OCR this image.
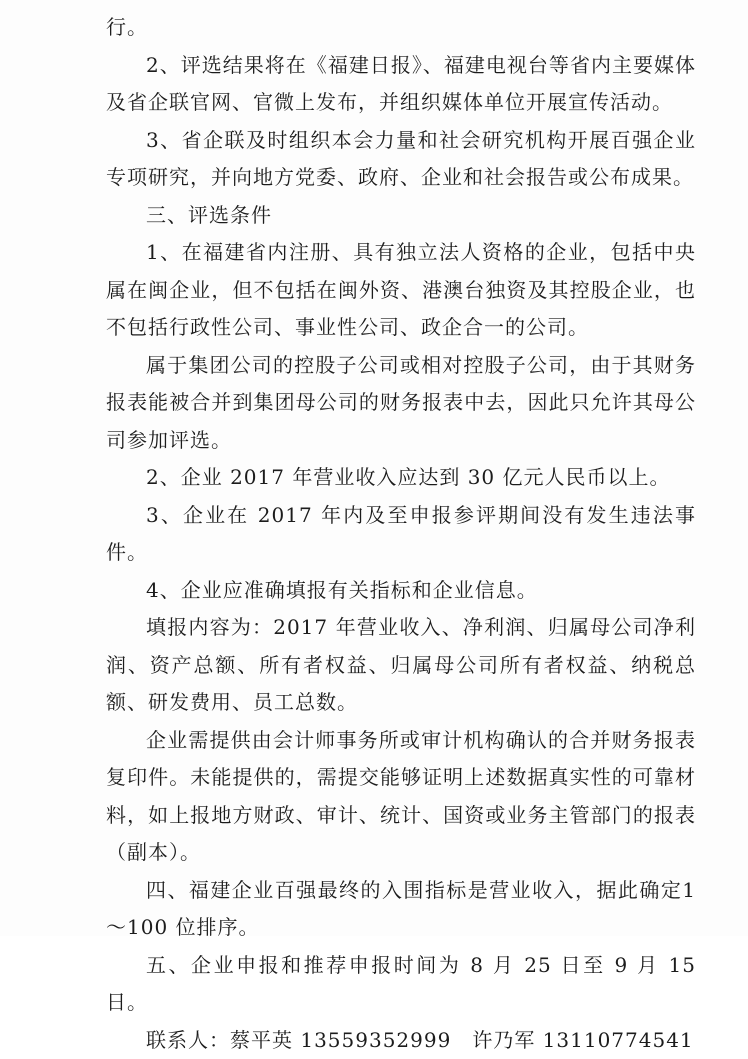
行。

2、评选结果将在《福建日报》、福建电视台等省内主要媒体及省企联官网、官微上发布，并组织媒体单位开展宣传活动。

3、省企联及时组织本会力量和社会研究机构开展百强企业专项研究，并向地方党委、政府、企业和社会报告或公布成果。

三、评选条件

1、在福建省内注册、具有独立法人资格的企业，包括中央属在闽企业，但不包括在闽外资、港澳台独资及其控股企业，也不包括行政性公司、事业性公司、政企合一的公司。

属于集团公司的控股子公司或相对控股子公司，由于其财务报表能被合并到集团母公司的财务报表中去，因此只允许其母公司参加评选。

2、企业 2017 年营业收入应达到 30 亿元人民币以上。

3、企业在 2017 年内及至申报参评期间没有发生违法事件。

4、企业应准确填报有关指标和企业信息。

填报内容为：2017 年营业收入、净利润、归属母公司净利润、资产总额、所有者权益、归属母公司所有者权益、纳税总额、研发费用、员工总数。

企业需提供由会计师事务所或审计机构确认的合并财务报表复印件。未能提供的，需提交能够证明上述数据真实性的可靠材料，如上报地方财政、审计、统计、国资或业务主管部门的报表（副本）。

四、福建企业百强最终的入围指标是营业收入，据此确定1～100 位排序。

五、企业申报和推荐申报时间为 8 月 25 日至 9 月 15 日。

联系人：蔡平英 13559352999　许乃军 13110774541
